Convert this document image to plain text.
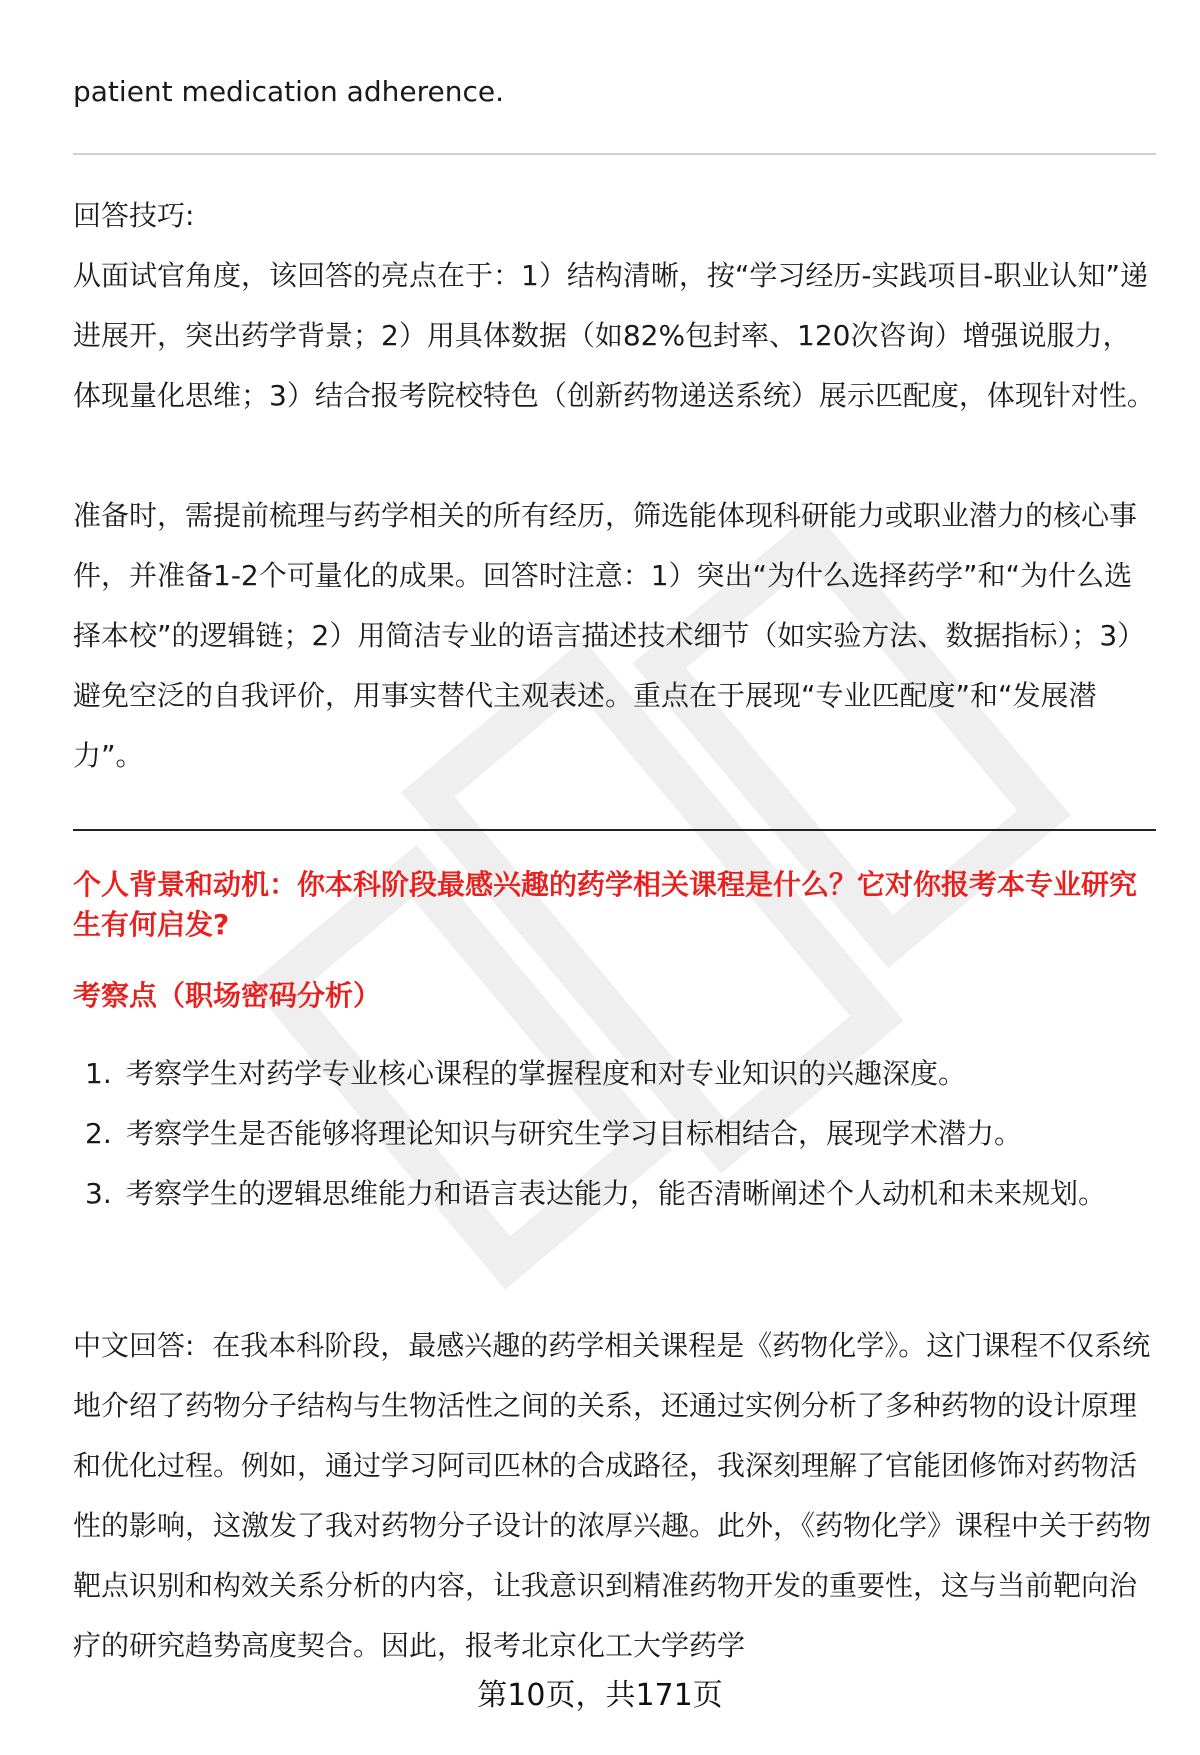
patient medication adherence.

回答技巧:

从面试官角度，该回答的亮点在于：1）结构清晰，按“学习经历-实践项目-职业认知”递进展开，突出药学背景；2）用具体数据（如82%包封率、120次咨询）增强说服力，体现量化思维；3）结合报考院校特色（创新药物递送系统）展示匹配度，体现针对性。

准备时，需提前梳理与药学相关的所有经历，筛选能体现科研能力或职业潜力的核心事件，并准备1-2个可量化的成果。回答时注意：1）突出“为什么选择药学”和“为什么选择本校”的逻辑链；2）用简洁专业的语言描述技术细节（如实验方法、数据指标）；3）避免空泛的自我评价，用事实替代主观表述。重点在于展现“专业匹配度”和“发展潜力”。

个人背景和动机：你本科阶段最感兴趣的药学相关课程是什么？它对你报考本专业研究生有何启发?

考察点（职场密码分析）

1. 考察学生对药学专业核心课程的掌握程度和对专业知识的兴趣深度。
2. 考察学生是否能够将理论知识与研究生学习目标相结合，展现学术潜力。
3. 考察学生的逻辑思维能力和语言表达能力，能否清晰阐述个人动机和未来规划。

中文回答: 在我本科阶段，最感兴趣的药学相关课程是《药物化学》。这门课程不仅系统地介绍了药物分子结构与生物活性之间的关系，还通过实例分析了多种药物的设计原理和优化过程。例如，通过学习阿司匹林的合成路径，我深刻理解了官能团修饰对药物活性的影响，这激发了我对药物分子设计的浓厚兴趣。此外，《药物化学》课程中关于药物靶点识别和构效关系分析的内容，让我意识到精准药物开发的重要性，这与当前靶向治疗的研究趋势高度契合。因此，报考北京化工大学药学

第10页，共171页
